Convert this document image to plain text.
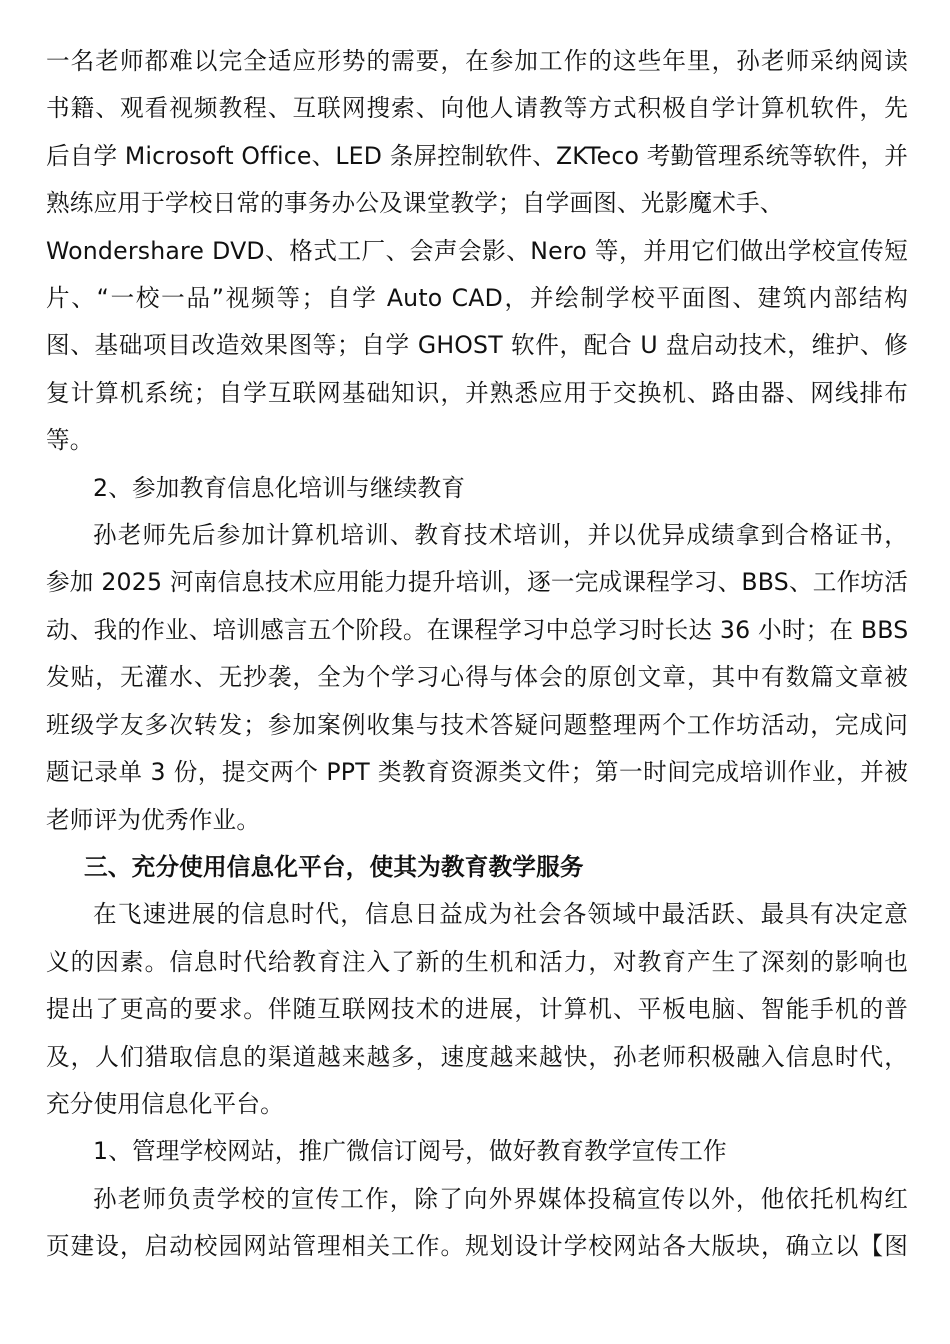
一名老师都难以完全适应形势的需要，在参加工作的这些年里，孙老师采纳阅读
书籍、观看视频教程、互联网搜索、向他人请教等方式积极自学计算机软件，先
后自学 Microsoft Office、LED 条屏控制软件、ZKTeco 考勤管理系统等软件，并
熟练应用于学校日常的事务办公及课堂教学；自学画图、光影魔术手、
Wondershare DVD、格式工厂、会声会影、Nero 等，并用它们做出学校宣传短
片、“一校一品”视频等；自学 Auto CAD，并绘制学校平面图、建筑内部结构
图、基础项目改造效果图等；自学 GHOST 软件，配合 U 盘启动技术，维护、修
复计算机系统；自学互联网基础知识，并熟悉应用于交换机、路由器、网线排布
等。

2、参加教育信息化培训与继续教育

孙老师先后参加计算机培训、教育技术培训，并以优异成绩拿到合格证书，
参加 2025 河南信息技术应用能力提升培训，逐一完成课程学习、BBS、工作坊活
动、我的作业、培训感言五个阶段。在课程学习中总学习时长达 36 小时；在 BBS
发贴，无灌水、无抄袭，全为个学习心得与体会的原创文章，其中有数篇文章被
班级学友多次转发；参加案例收集与技术答疑问题整理两个工作坊活动，完成问
题记录单 3 份，提交两个 PPT 类教育资源类文件；第一时间完成培训作业，并被
老师评为优秀作业。

三、充分使用信息化平台，使其为教育教学服务

在飞速进展的信息时代，信息日益成为社会各领域中最活跃、最具有决定意
义的因素。信息时代给教育注入了新的生机和活力，对教育产生了深刻的影响也
提出了更高的要求。伴随互联网技术的进展，计算机、平板电脑、智能手机的普
及，人们猎取信息的渠道越来越多，速度越来越快，孙老师积极融入信息时代，
充分使用信息化平台。

1、管理学校网站，推广微信订阅号，做好教育教学宣传工作

孙老师负责学校的宣传工作，除了向外界媒体投稿宣传以外，他依托机构红
页建设，启动校园网站管理相关工作。规划设计学校网站各大版块，确立以【图
